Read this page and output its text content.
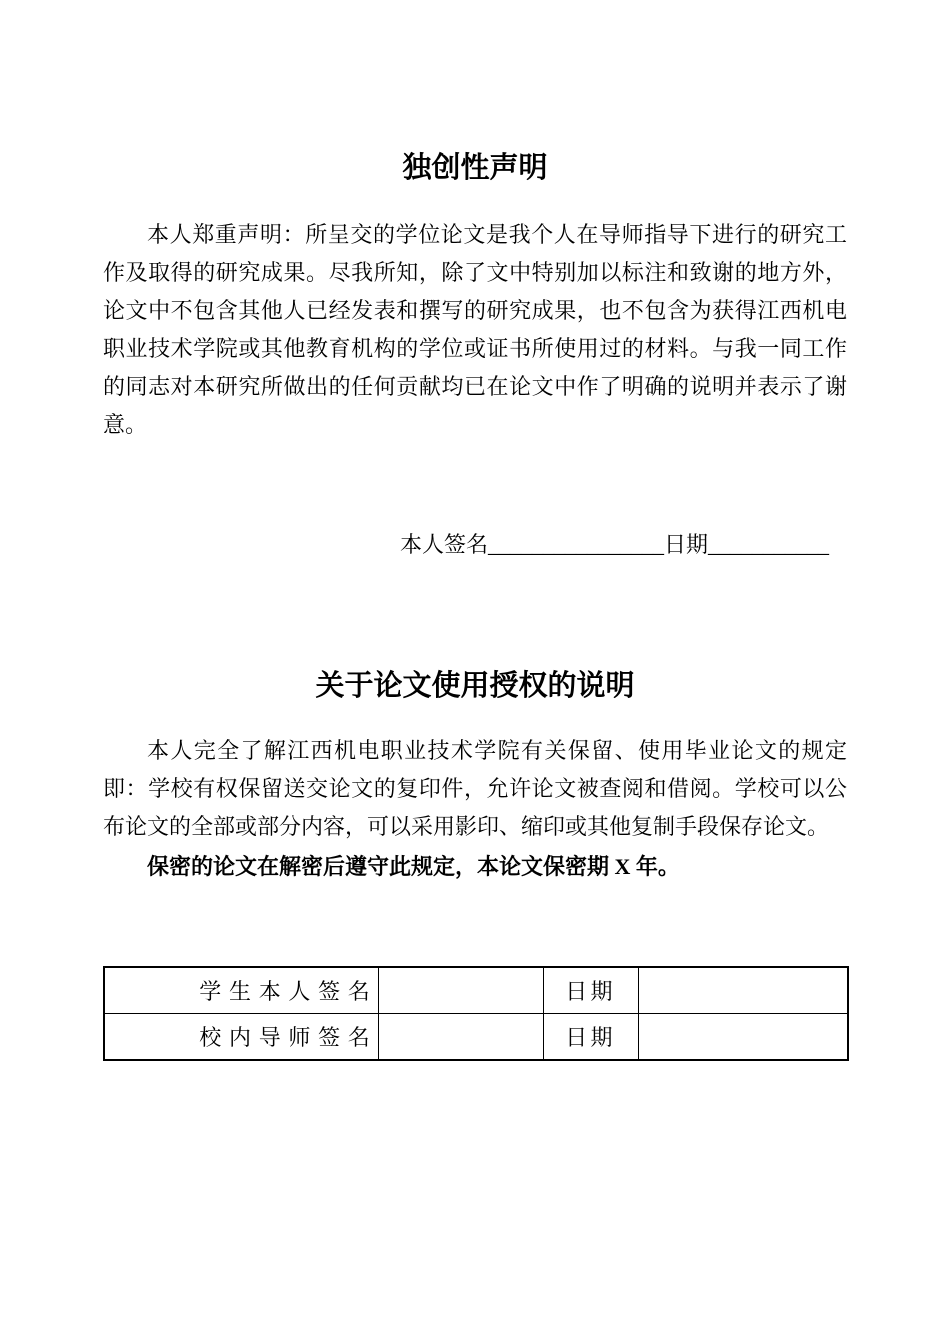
独创性声明

本人郑重声明：所呈交的学位论文是我个人在导师指导下进行的研究工作及取得的研究成果。尽我所知，除了文中特别加以标注和致谢的地方外，论文中不包含其他人已经发表和撰写的研究成果，也不包含为获得江西机电职业技术学院或其他教育机构的学位或证书所使用过的材料。与我一同工作的同志对本研究所做出的任何贡献均已在论文中作了明确的说明并表示了谢意。

本人签名________________日期___________

关于论文使用授权的说明

本人完全了解江西机电职业技术学院有关保留、使用毕业论文的规定即：学校有权保留送交论文的复印件，允许论文被查阅和借阅。学校可以公布论文的全部或部分内容，可以采用影印、缩印或其他复制手段保存论文。

保密的论文在解密后遵守此规定，本论文保密期 X 年。

学生本人签名		日期	
校内导师签名		日期	
